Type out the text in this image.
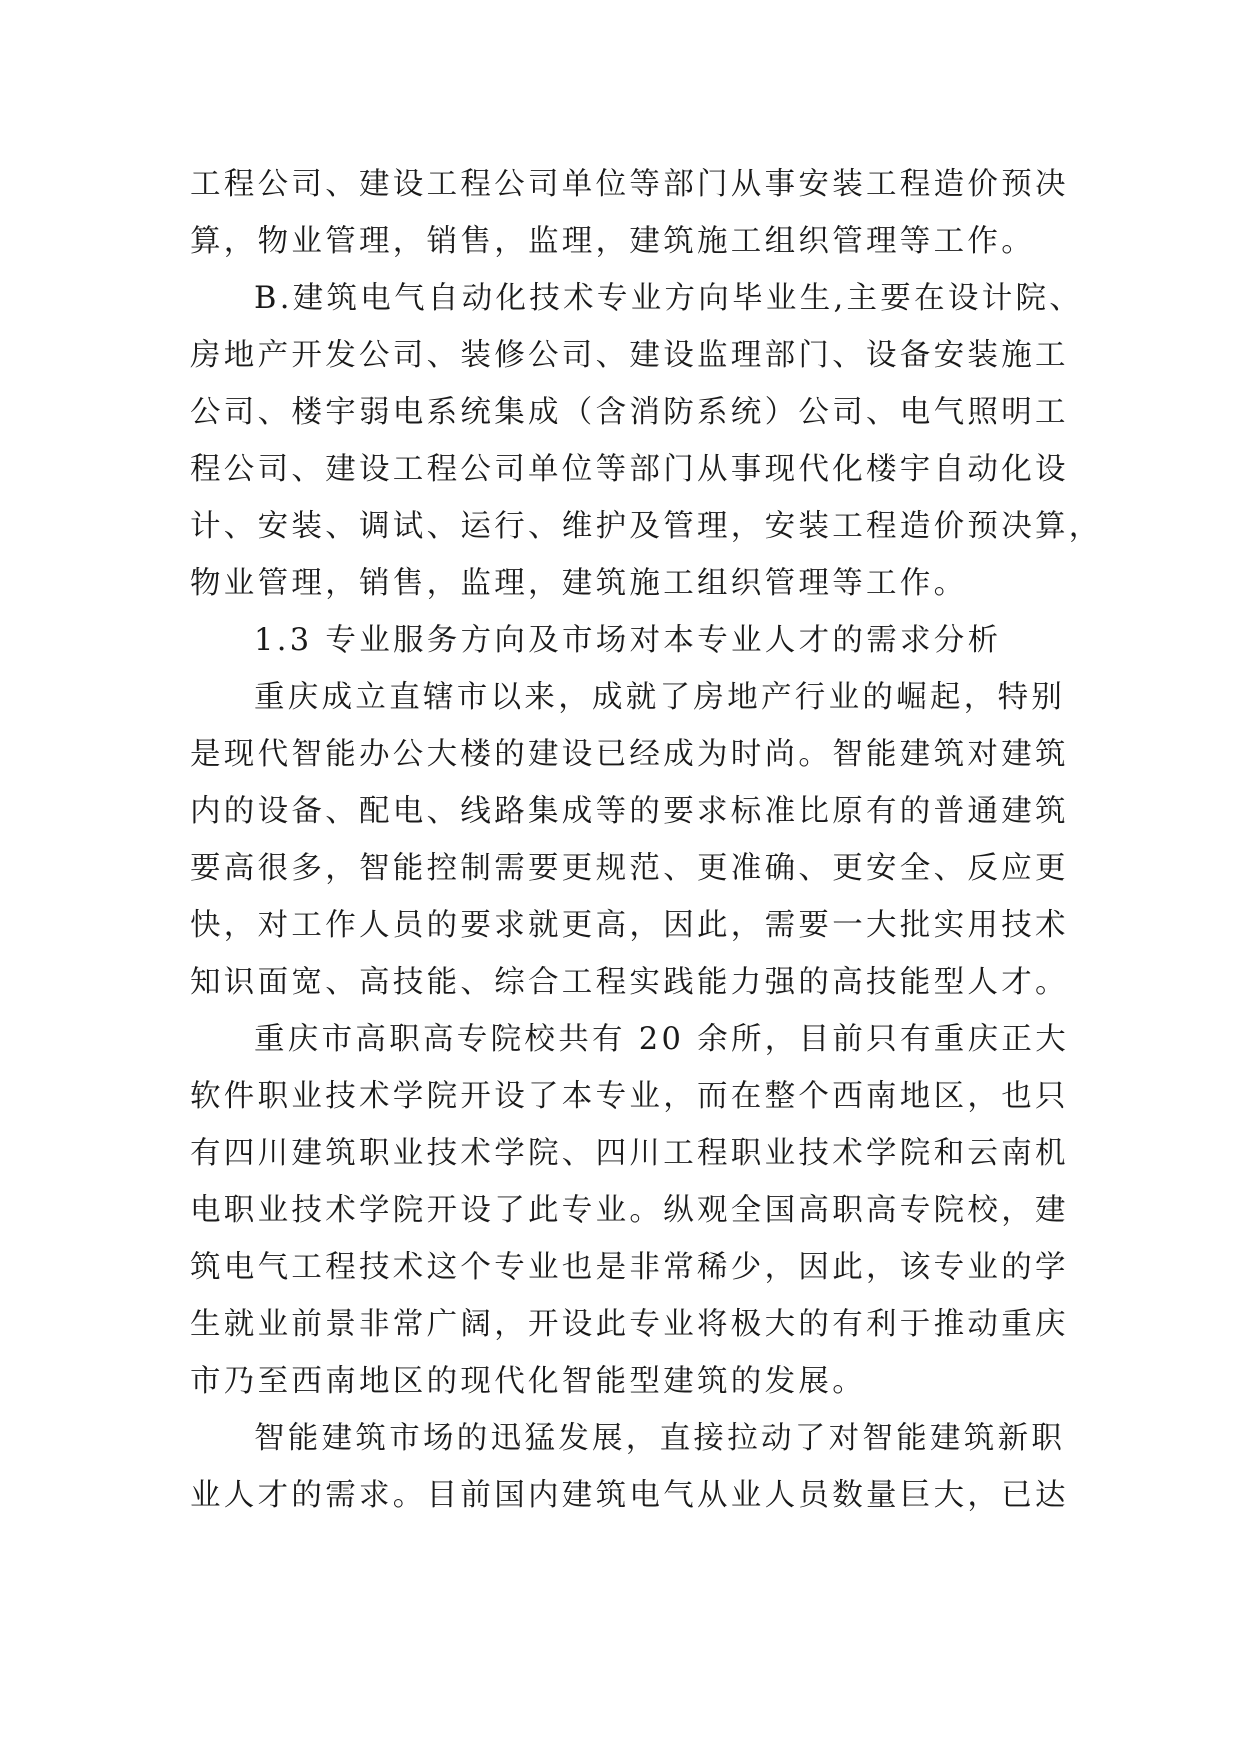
工程公司、建设工程公司单位等部门从事安装工程造价预决
算，物业管理，销售，监理，建筑施工组织管理等工作。
B.建筑电气自动化技术专业方向毕业生,主要在设计院、
房地产开发公司、装修公司、建设监理部门、设备安装施工
公司、楼宇弱电系统集成（含消防系统）公司、电气照明工
程公司、建设工程公司单位等部门从事现代化楼宇自动化设
计、安装、调试、运行、维护及管理，安装工程造价预决算，
物业管理，销售，监理，建筑施工组织管理等工作。
1.3 专业服务方向及市场对本专业人才的需求分析
重庆成立直辖市以来，成就了房地产行业的崛起，特别
是现代智能办公大楼的建设已经成为时尚。智能建筑对建筑
内的设备、配电、线路集成等的要求标准比原有的普通建筑
要高很多，智能控制需要更规范、更准确、更安全、反应更
快，对工作人员的要求就更高，因此，需要一大批实用技术
知识面宽、高技能、综合工程实践能力强的高技能型人才。
重庆市高职高专院校共有 20 余所，目前只有重庆正大
软件职业技术学院开设了本专业，而在整个西南地区，也只
有四川建筑职业技术学院、四川工程职业技术学院和云南机
电职业技术学院开设了此专业。纵观全国高职高专院校，建
筑电气工程技术这个专业也是非常稀少，因此，该专业的学
生就业前景非常广阔，开设此专业将极大的有利于推动重庆
市乃至西南地区的现代化智能型建筑的发展。
智能建筑市场的迅猛发展，直接拉动了对智能建筑新职
业人才的需求。目前国内建筑电气从业人员数量巨大，已达
